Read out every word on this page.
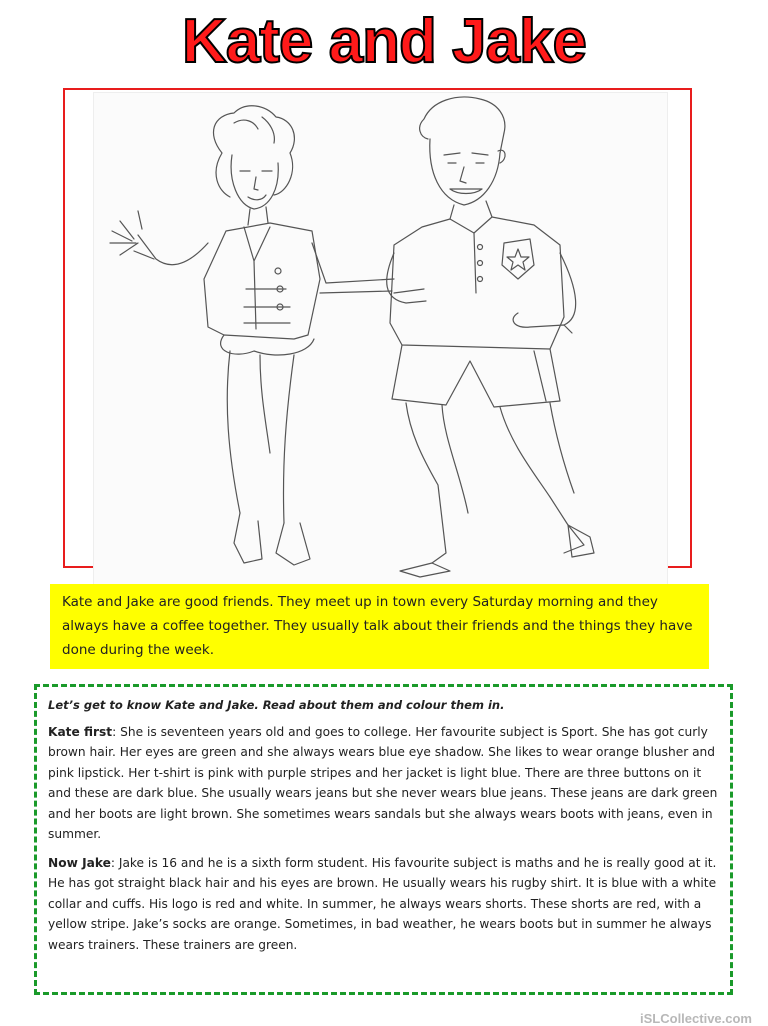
Kate and Jake
Kate and Jake are good friends. They meet up in town every Saturday morning and they always have a coffee together. They usually talk about their friends and the things they have done during the week.

Let’s get to know Kate and Jake. Read about them and colour them in.

Kate first: She is seventeen years old and goes to college. Her favourite subject is Sport. She has got curly brown hair. Her eyes are green and she always wears blue eye shadow. She likes to wear orange blusher and pink lipstick. Her t-shirt is pink with purple stripes and her jacket is light blue. There are three buttons on it and these are dark blue. She usually wears jeans but she never wears blue jeans. These jeans are dark green and her boots are light brown. She sometimes wears sandals but she always wears boots with jeans, even in summer.

Now Jake: Jake is 16 and he is a sixth form student. His favourite subject is maths and he is really good at it. He has got straight black hair and his eyes are brown. He usually wears his rugby shirt. It is blue with a white collar and cuffs. His logo is red and white. In summer, he always wears shorts. These shorts are red, with a yellow stripe. Jake’s socks are orange. Sometimes, in bad weather, he wears boots but in summer he always wears trainers. These trainers are green.

iSLCollective.com
